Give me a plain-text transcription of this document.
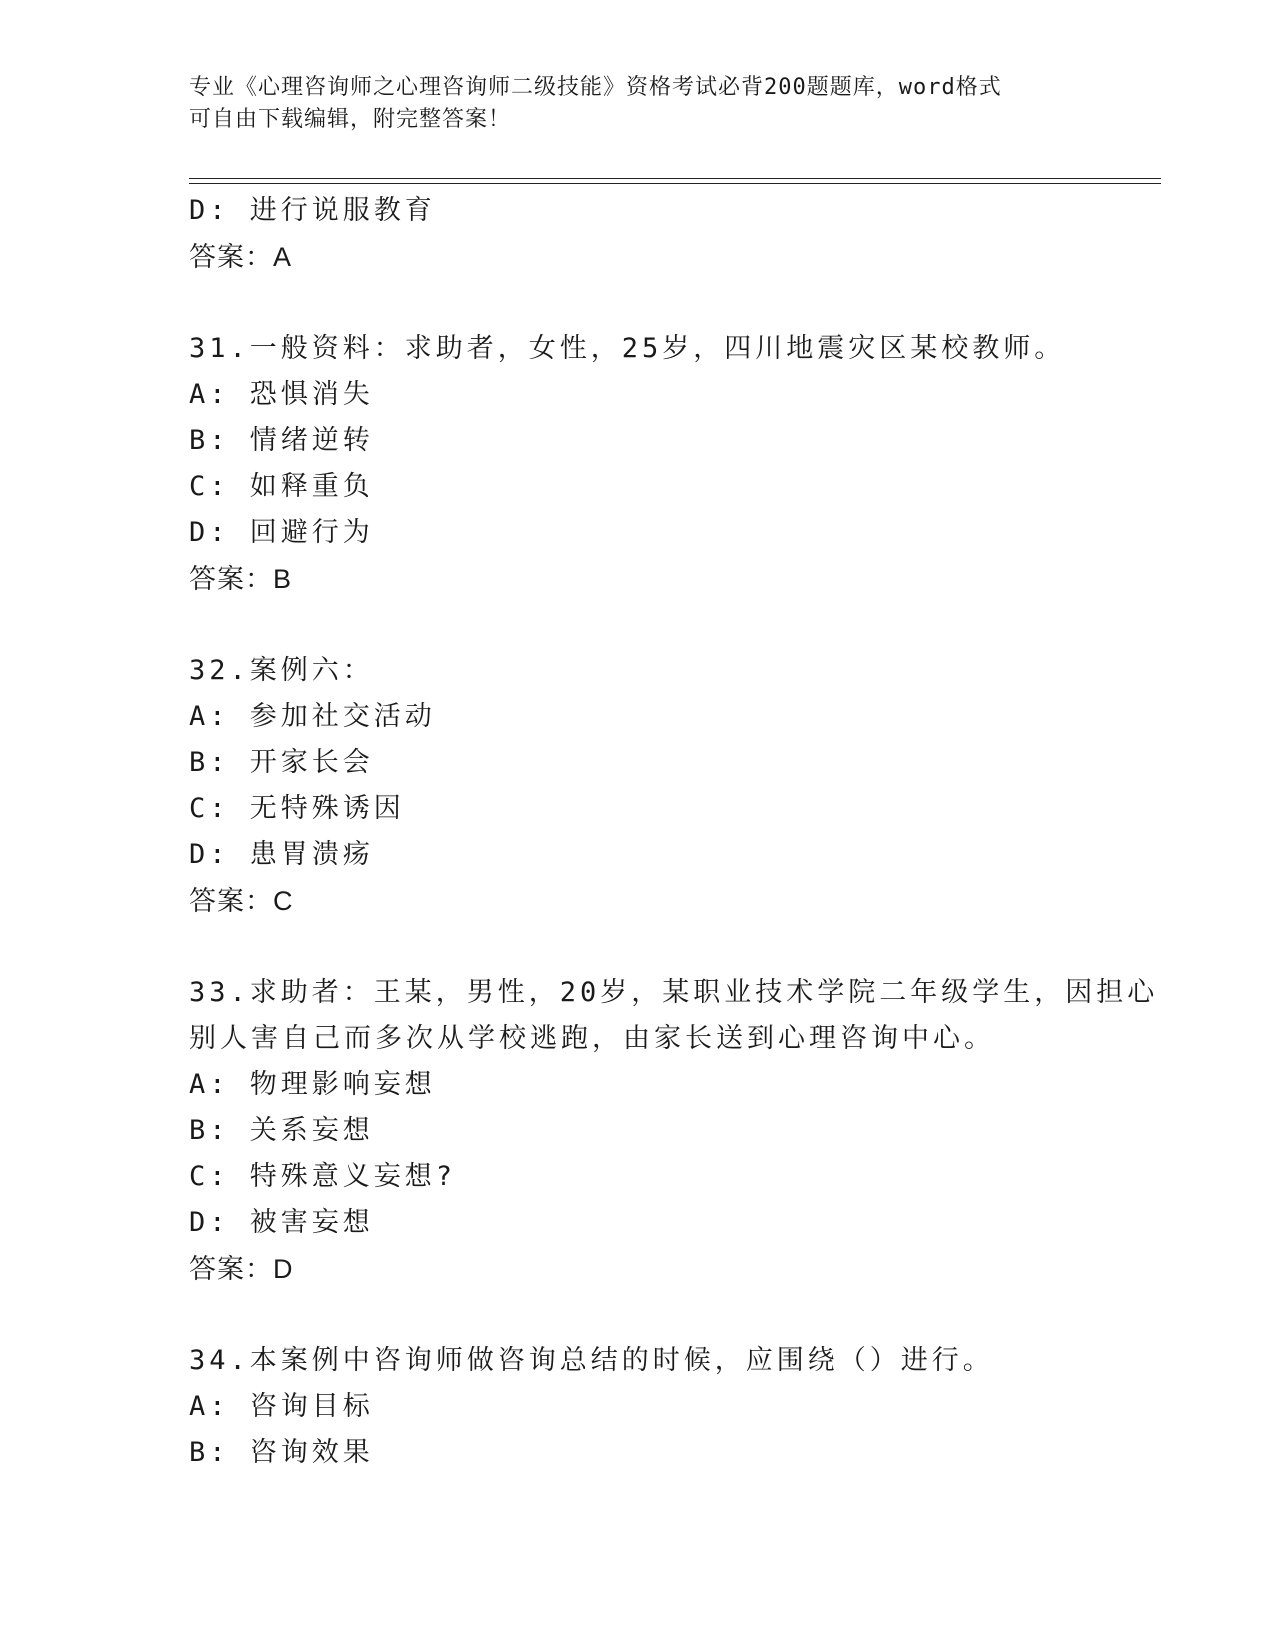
专业《心理咨询师之心理咨询师二级技能》资格考试必背200题题库，word格式
可自由下载编辑，附完整答案！
D: 进行说服教育
答案：A
31.一般资料：求助者，女性，25岁，四川地震灾区某校教师。
A: 恐惧消失
B: 情绪逆转
C: 如释重负
D: 回避行为
答案：B
32.案例六：
A: 参加社交活动
B: 开家长会
C: 无特殊诱因
D: 患胃溃疡
答案：C
33.求助者：王某，男性，20岁，某职业技术学院二年级学生，因担心
别人害自己而多次从学校逃跑，由家长送到心理咨询中心。
A: 物理影响妄想
B: 关系妄想
C: 特殊意义妄想?
D: 被害妄想
答案：D
34.本案例中咨询师做咨询总结的时候，应围绕（）进行。
A: 咨询目标
B: 咨询效果
